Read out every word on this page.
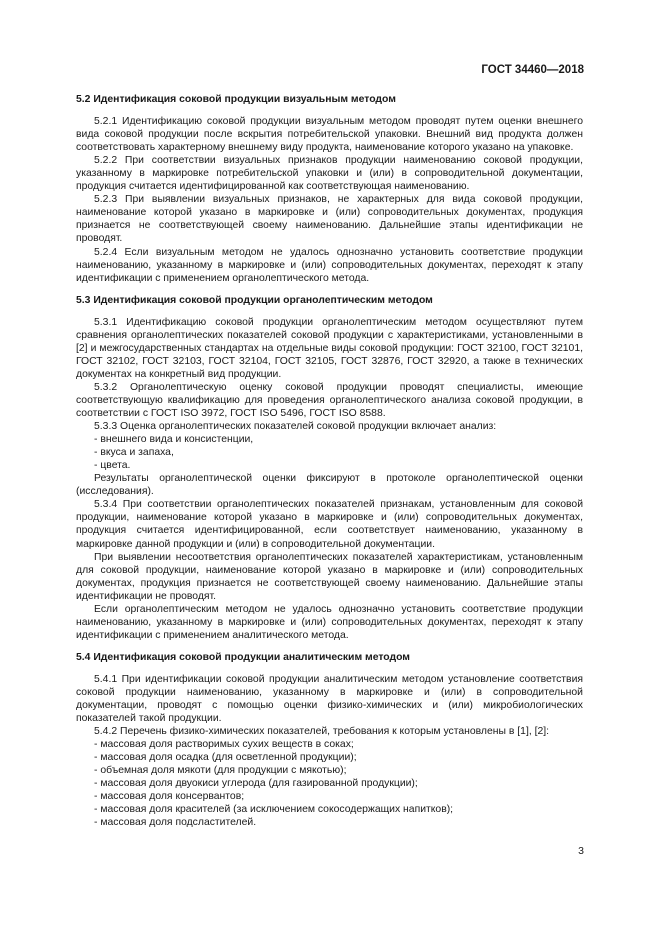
ГОСТ 34460—2018
5.2 Идентификация соковой продукции визуальным методом

5.2.1 Идентификацию соковой продукции визуальным методом проводят путем оценки внешнего вида соковой продукции после вскрытия потребительской упаковки. Внешний вид продукта должен соответствовать характерному внешнему виду продукта, наименование которого указано на упаковке.

5.2.2 При соответствии визуальных признаков продукции наименованию соковой продукции, указанному в маркировке потребительской упаковки и (или) в сопроводительной документации, продукция считается идентифицированной как соответствующая наименованию.

5.2.3 При выявлении визуальных признаков, не характерных для вида соковой продукции, наименование которой указано в маркировке и (или) сопроводительных документах, продукция признается не соответствующей своему наименованию. Дальнейшие этапы идентификации не проводят.

5.2.4 Если визуальным методом не удалось однозначно установить соответствие продукции наименованию, указанному в маркировке и (или) сопроводительных документах, переходят к этапу идентификации с применением органолептического метода.

5.3 Идентификация соковой продукции органолептическим методом

5.3.1 Идентификацию соковой продукции органолептическим методом осуществляют путем сравнения органолептических показателей соковой продукции с характеристиками, установленными в [2] и межгосударственных стандартах на отдельные виды соковой продукции: ГОСТ 32100, ГОСТ 32101, ГОСТ 32102, ГОСТ 32103, ГОСТ 32104, ГОСТ 32105, ГОСТ 32876, ГОСТ 32920, а также в технических документах на конкретный вид продукции.

5.3.2 Органолептическую оценку соковой продукции проводят специалисты, имеющие соответствующую квалификацию для проведения органолептического анализа соковой продукции, в соответствии с ГОСТ ISO 3972, ГОСТ ISO 5496, ГОСТ ISO 8588.

5.3.3 Оценка органолептических показателей соковой продукции включает анализ:

- внешнего вида и консистенции,

- вкуса и запаха,

- цвета.

Результаты органолептической оценки фиксируют в протоколе органолептической оценки (исследования).

5.3.4 При соответствии органолептических показателей признакам, установленным для соковой продукции, наименование которой указано в маркировке и (или) сопроводительных документах, продукция считается идентифицированной, если соответствует наименованию, указанному в маркировке данной продукции и (или) в сопроводительной документации.

При выявлении несоответствия органолептических показателей характеристикам, установленным для соковой продукции, наименование которой указано в маркировке и (или) сопроводительных документах, продукция признается не соответствующей своему наименованию. Дальнейшие этапы идентификации не проводят.

Если органолептическим методом не удалось однозначно установить соответствие продукции наименованию, указанному в маркировке и (или) сопроводительных документах, переходят к этапу идентификации с применением аналитического метода.

5.4 Идентификация соковой продукции аналитическим методом

5.4.1 При идентификации соковой продукции аналитическим методом установление соответствия соковой продукции наименованию, указанному в маркировке и (или) в сопроводительной документации, проводят с помощью оценки физико-химических и (или) микробиологических показателей такой продукции.

5.4.2 Перечень физико-химических показателей, требования к которым установлены в [1], [2]:

- массовая доля растворимых сухих веществ в соках;

- массовая доля осадка (для осветленной продукции);

- объемная доля мякоти (для продукции с мякотью);

- массовая доля двуокиси углерода (для газированной продукции);

- массовая доля консервантов;

- массовая доля красителей (за исключением сокосодержащих напитков);

- массовая доля подсластителей.

3
